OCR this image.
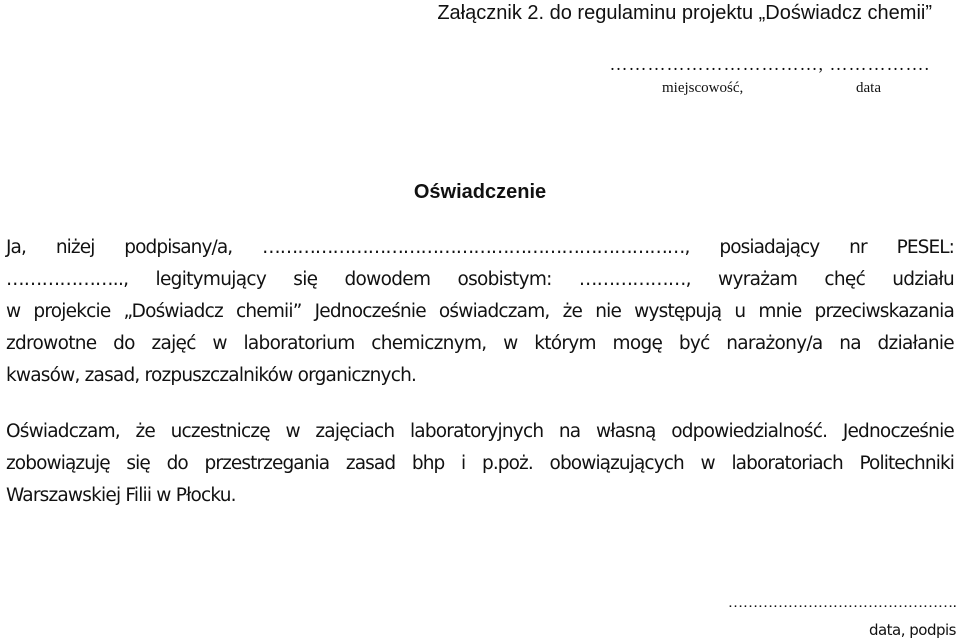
Załącznik 2. do regulaminu projektu „Doświadcz chemii”
……………………………, …………….
miejscowość,	data
Oświadczenie
Ja, niżej podpisany/a, ………………………………………………………………, posiadający nr PESEL:
……………….., legitymujący się dowodem osobistym: ………………, wyrażam chęć udziału
w projekcie „Doświadcz chemii” Jednocześnie oświadczam, że nie występują u mnie przeciwskazania
zdrowotne do zajęć w laboratorium chemicznym, w którym mogę być narażony/a na działanie
kwasów, zasad, rozpuszczalników organicznych.
Oświadczam, że uczestniczę w zajęciach laboratoryjnych na własną odpowiedzialność. Jednocześnie
zobowiązuję się do przestrzegania zasad bhp i p.poż. obowiązujących w laboratoriach Politechniki
Warszawskiej Filii w Płocku.
……………………………………….
data, podpis
